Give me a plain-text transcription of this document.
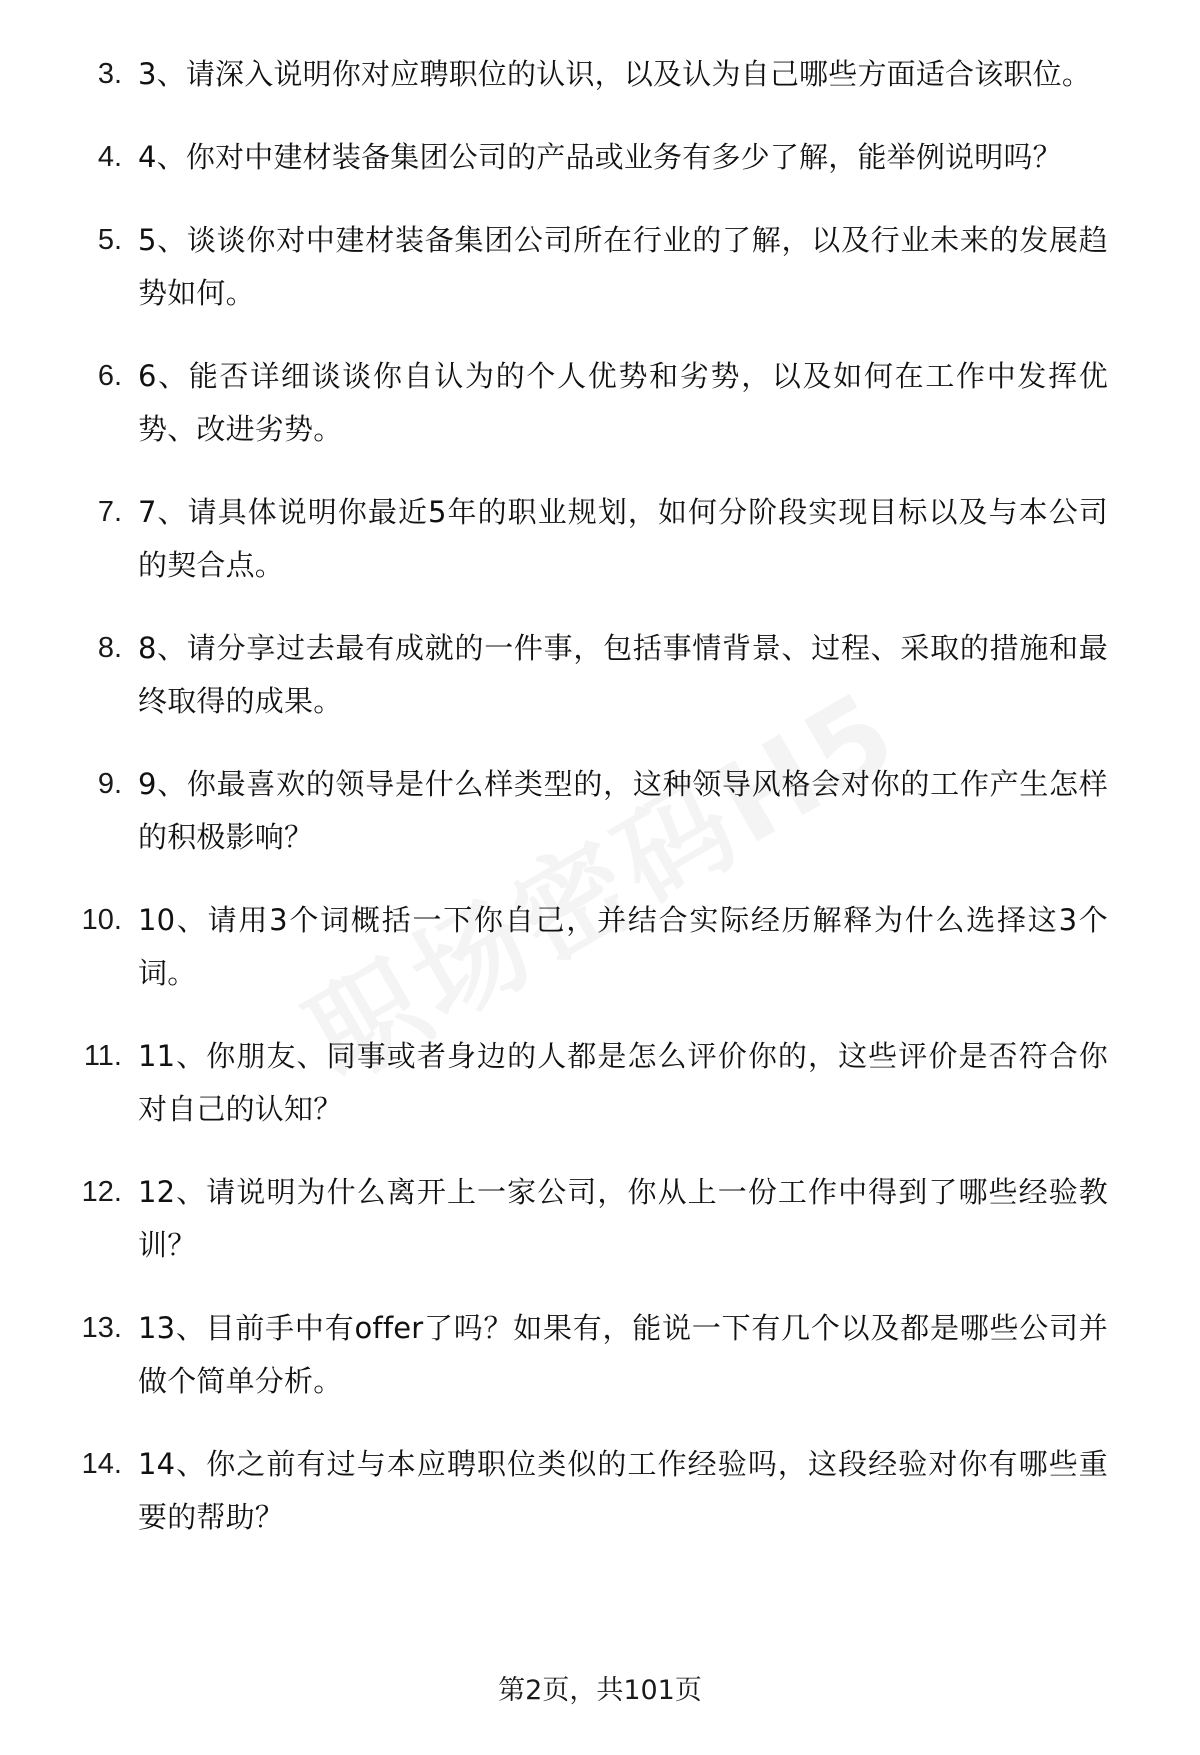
3. 3、请深入说明你对应聘职位的认识，以及认为自己哪些方面适合该职位。
4. 4、你对中建材装备集团公司的产品或业务有多少了解，能举例说明吗？
5. 5、谈谈你对中建材装备集团公司所在行业的了解，以及行业未来的发展趋势如何。
6. 6、能否详细谈谈你自认为的个人优势和劣势，以及如何在工作中发挥优势、改进劣势。
7. 7、请具体说明你最近5年的职业规划，如何分阶段实现目标以及与本公司的契合点。
8. 8、请分享过去最有成就的一件事，包括事情背景、过程、采取的措施和最终取得的成果。
9. 9、你最喜欢的领导是什么样类型的，这种领导风格会对你的工作产生怎样的积极影响？
10. 10、请用3个词概括一下你自己，并结合实际经历解释为什么选择这3个词。
11. 11、你朋友、同事或者身边的人都是怎么评价你的，这些评价是否符合你对自己的认知？
12. 12、请说明为什么离开上一家公司，你从上一份工作中得到了哪些经验教训？
13. 13、目前手中有offer了吗？如果有，能说一下有几个以及都是哪些公司并做个简单分析。
14. 14、你之前有过与本应聘职位类似的工作经验吗，这段经验对你有哪些重要的帮助？
第2页，共101页
